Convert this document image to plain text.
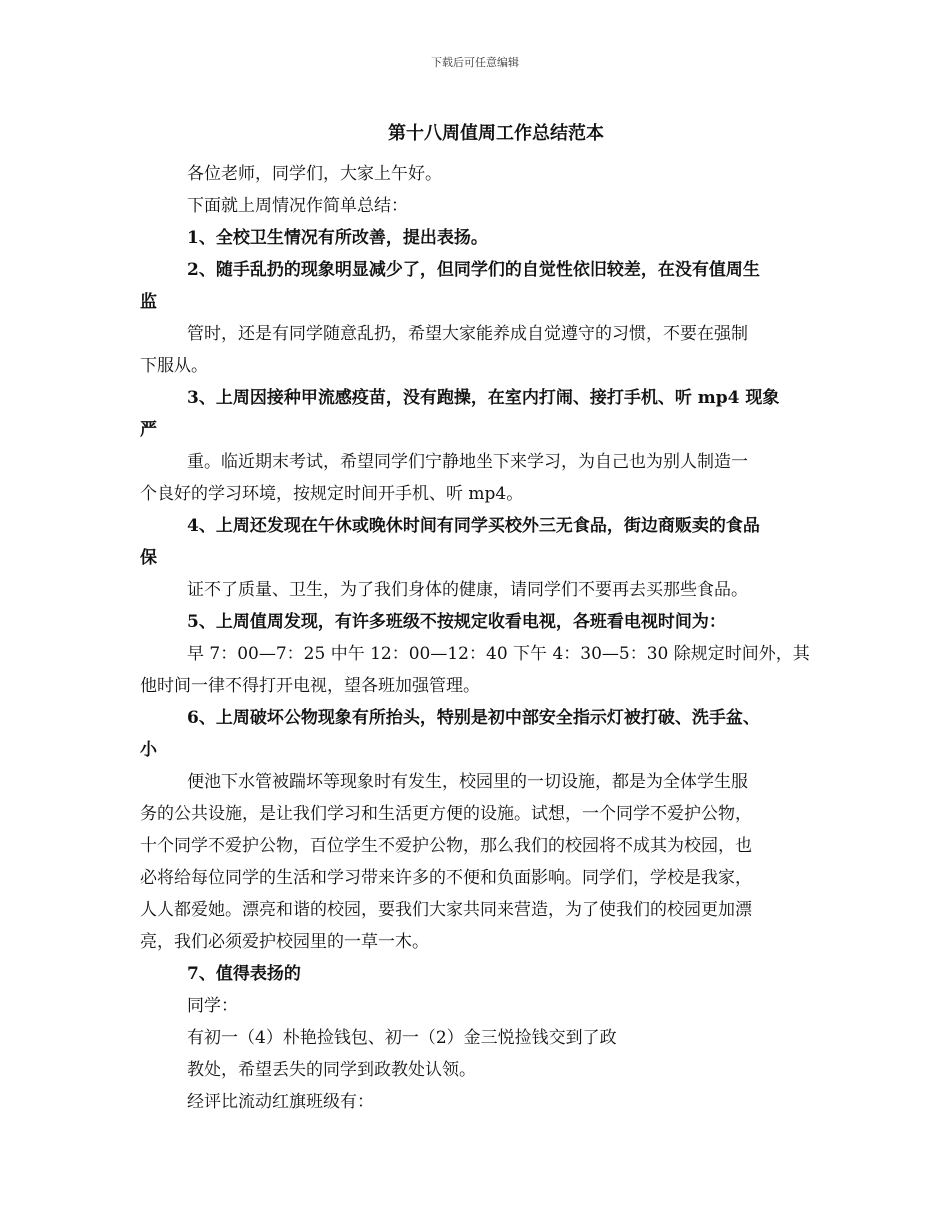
下载后可任意编辑
第十八周值周工作总结范本
各位老师，同学们，大家上午好。
下面就上周情况作简单总结：
1、全校卫生情况有所改善，提出表扬。
2、随手乱扔的现象明显减少了，但同学们的自觉性依旧较差，在没有值周生
监
管时，还是有同学随意乱扔，希望大家能养成自觉遵守的习惯，不要在强制
下服从。
3、上周因接种甲流感疫苗，没有跑操，在室内打闹、接打手机、听 mp4 现象
严
重。临近期末考试，希望同学们宁静地坐下来学习，为自己也为别人制造一
个良好的学习环境，按规定时间开手机、听 mp4。
4、上周还发现在午休或晚休时间有同学买校外三无食品，街边商贩卖的食品
保
证不了质量、卫生，为了我们身体的健康，请同学们不要再去买那些食品。
5、上周值周发现，有许多班级不按规定收看电视，各班看电视时间为：
早 7：00—7：25 中午 12：00—12：40 下午 4：30—5：30 除规定时间外，其
他时间一律不得打开电视，望各班加强管理。
6、上周破坏公物现象有所抬头，特别是初中部安全指示灯被打破、洗手盆、
小
便池下水管被踹坏等现象时有发生，校园里的一切设施，都是为全体学生服
务的公共设施，是让我们学习和生活更方便的设施。试想，一个同学不爱护公物，
十个同学不爱护公物，百位学生不爱护公物，那么我们的校园将不成其为校园，也
必将给每位同学的生活和学习带来许多的不便和负面影响。同学们，学校是我家，
人人都爱她。漂亮和谐的校园，要我们大家共同来营造，为了使我们的校园更加漂
亮，我们必须爱护校园里的一草一木。
7、值得表扬的
同学：
有初一（4）朴艳捡钱包、初一（2）金三悦捡钱交到了政
教处，希望丢失的同学到政教处认领。
经评比流动红旗班级有：
